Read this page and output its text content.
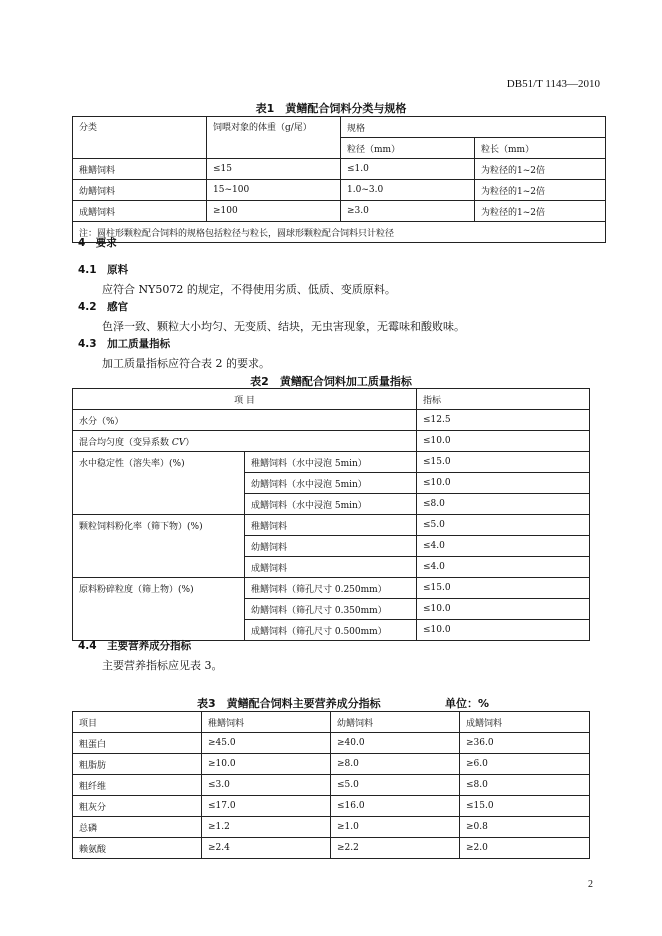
DB51/T 1143—2010
表1　黄鳝配合饲料分类与规格
分类	饲喂对象的体重（g/尾）	规格	
		粒径（mm）	粒长（mm）
稚鳝饲料	≤15	≤1.0	为粒径的1~2倍
幼鳝饲料	15~100	1.0~3.0	为粒径的1~2倍
成鳝饲料	≥100	≥3.0	为粒径的1~2倍
注：圆柱形颗粒配合饲料的规格包括粒径与粒长，圆球形颗粒配合饲料只计粒径			
4　要求
4.1　原料
应符合 NY5072 的规定，不得使用劣质、低质、变质原料。
4.2　感官
色泽一致、颗粒大小均匀、无变质、结块，无虫害现象，无霉味和酸败味。
4.3　加工质量指标
加工质量指标应符合表 2 的要求。
表2　黄鳝配合饲料加工质量指标
项 目		指标
水分（%）		≤12.5
混合均匀度（变异系数 CV）		≤10.0
水中稳定性（溶失率）(%)	稚鳝饲料（水中浸泡 5min）	≤15.0
	幼鳝饲料（水中浸泡 5min）	≤10.0
	成鳝饲料（水中浸泡 5min）	≤8.0
颗粒饲料粉化率（筛下物）(%)	稚鳝饲料	≤5.0
	幼鳝饲料	≤4.0
	成鳝饲料	≤4.0
原料粉碎粒度（筛上物）(%)	稚鳝饲料（筛孔尺寸 0.250mm）	≤15.0
	幼鳝饲料（筛孔尺寸 0.350mm）	≤10.0
	成鳝饲料（筛孔尺寸 0.500mm）	≤10.0
4.4　主要营养成分指标
主要营养指标应见表 3。
表3　黄鳝配合饲料主要营养成分指标	单位：%
项目	稚鳝饲料	幼鳝饲料	成鳝饲料
粗蛋白	≥45.0	≥40.0	≥36.0
粗脂肪	≥10.0	≥8.0	≥6.0
粗纤维	≤3.0	≤5.0	≤8.0
粗灰分	≤17.0	≤16.0	≤15.0
总磷	≥1.2	≥1.0	≥0.8
赖氨酸	≥2.4	≥2.2	≥2.0
2
